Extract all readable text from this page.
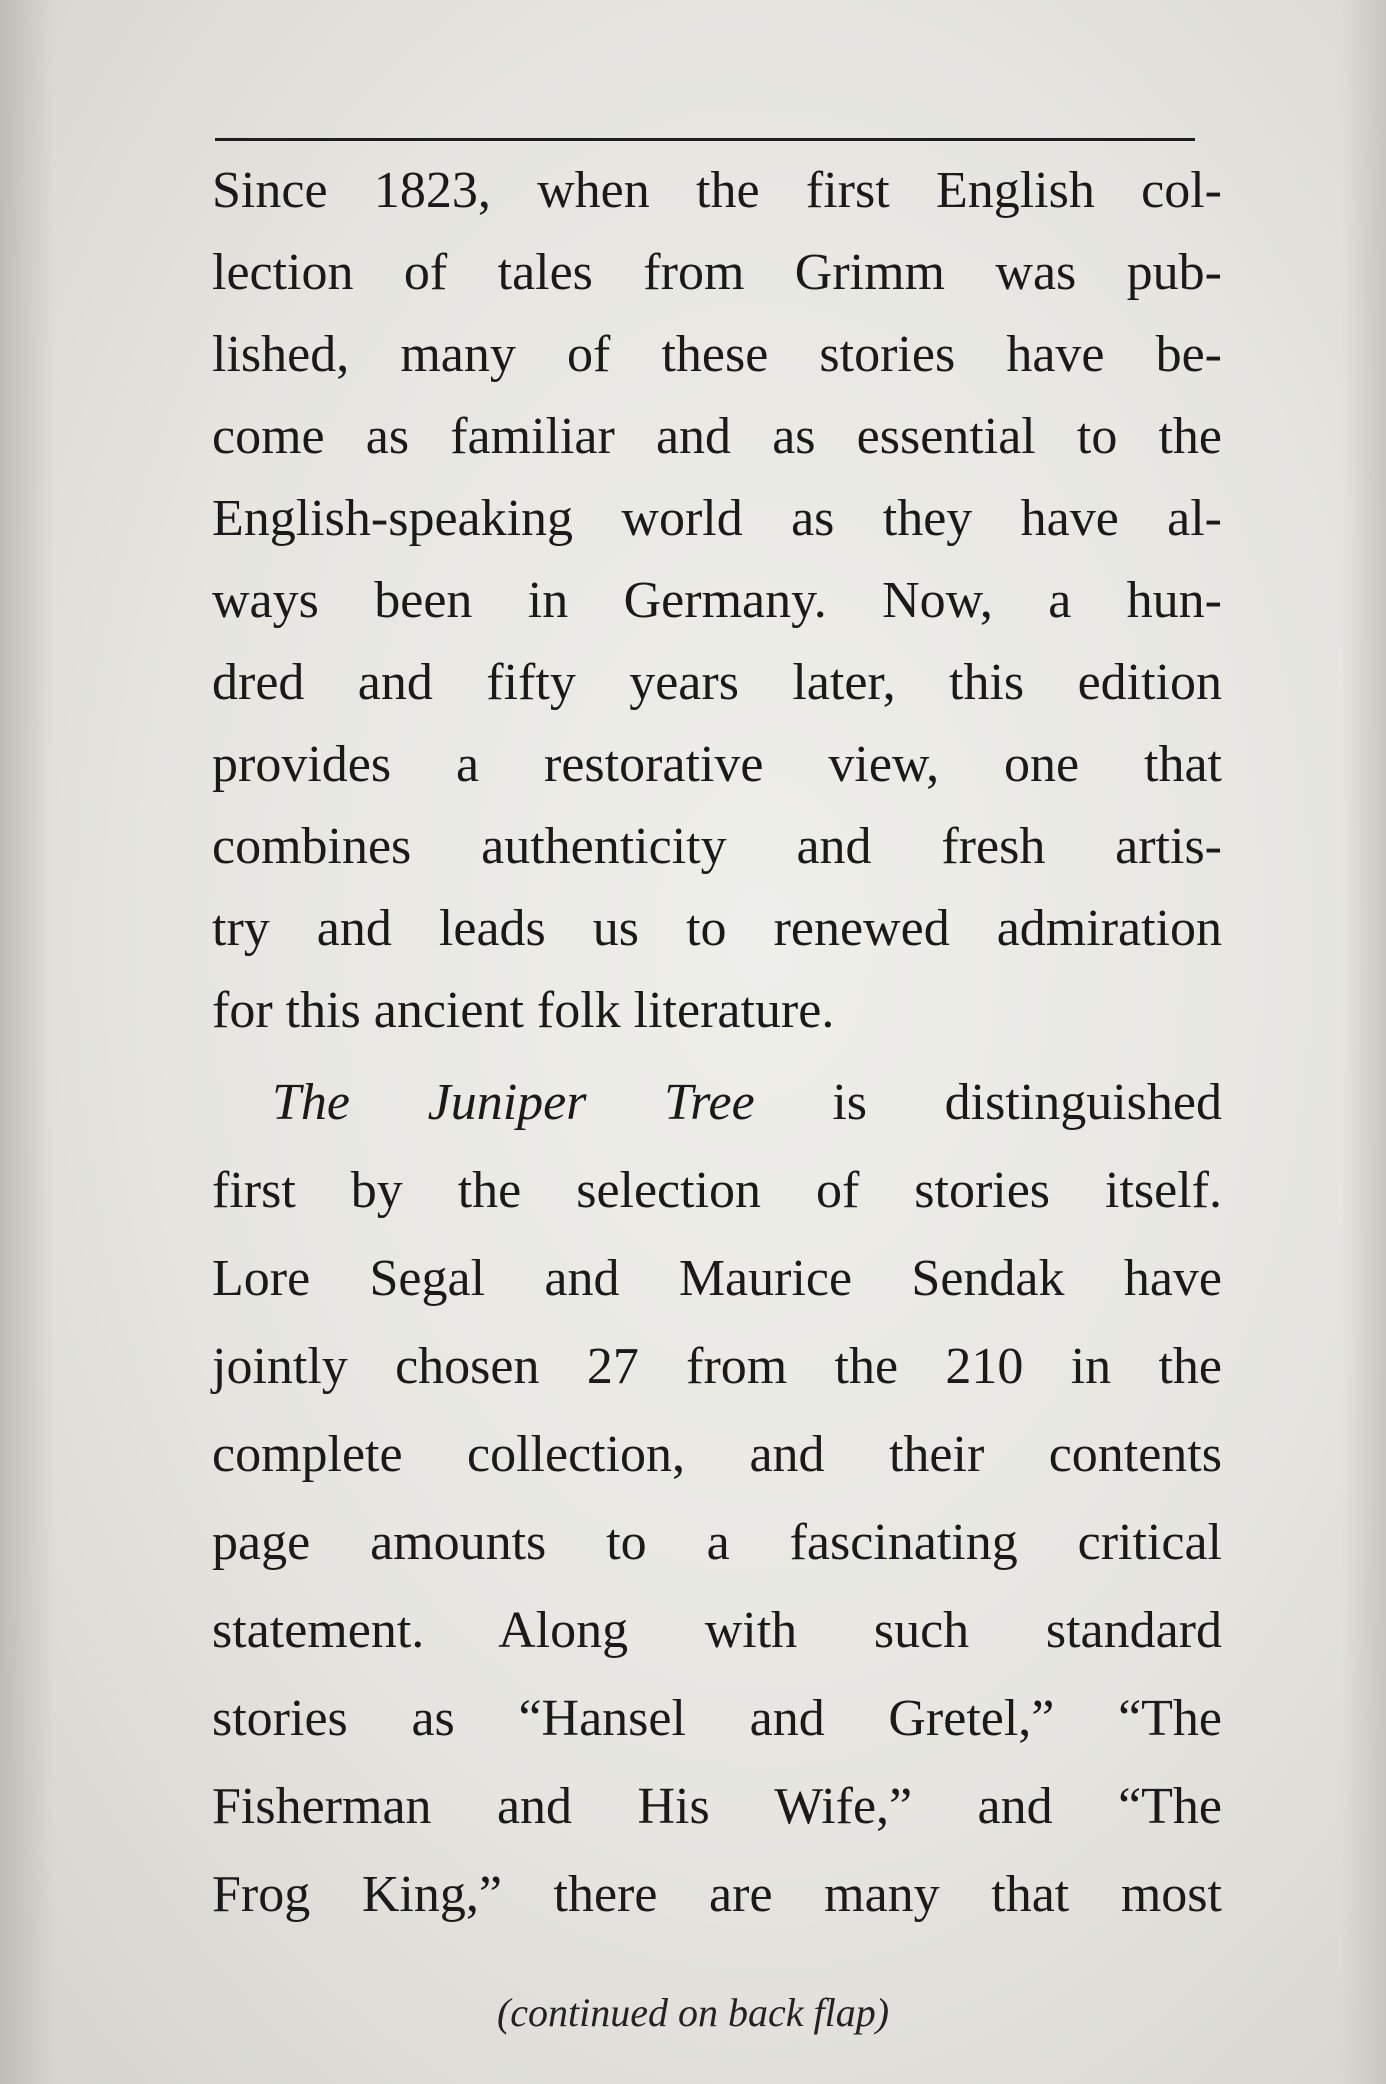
Since 1823, when the first English col-
lection of tales from Grimm was pub-
lished, many of these stories have be-
come as familiar and as essential to the
English-speaking world as they have al-
ways been in Germany. Now, a hun-
dred and fifty years later, this edition
provides a restorative view, one that
combines authenticity and fresh artis-
try and leads us to renewed admiration
for this ancient folk literature.
The Juniper Tree is distinguished
first by the selection of stories itself.
Lore Segal and Maurice Sendak have
jointly chosen 27 from the 210 in the
complete collection, and their contents
page amounts to a fascinating critical
statement. Along with such standard
stories as “Hansel and Gretel,” “The
Fisherman and His Wife,” and “The
Frog King,” there are many that most
(continued on back flap)
